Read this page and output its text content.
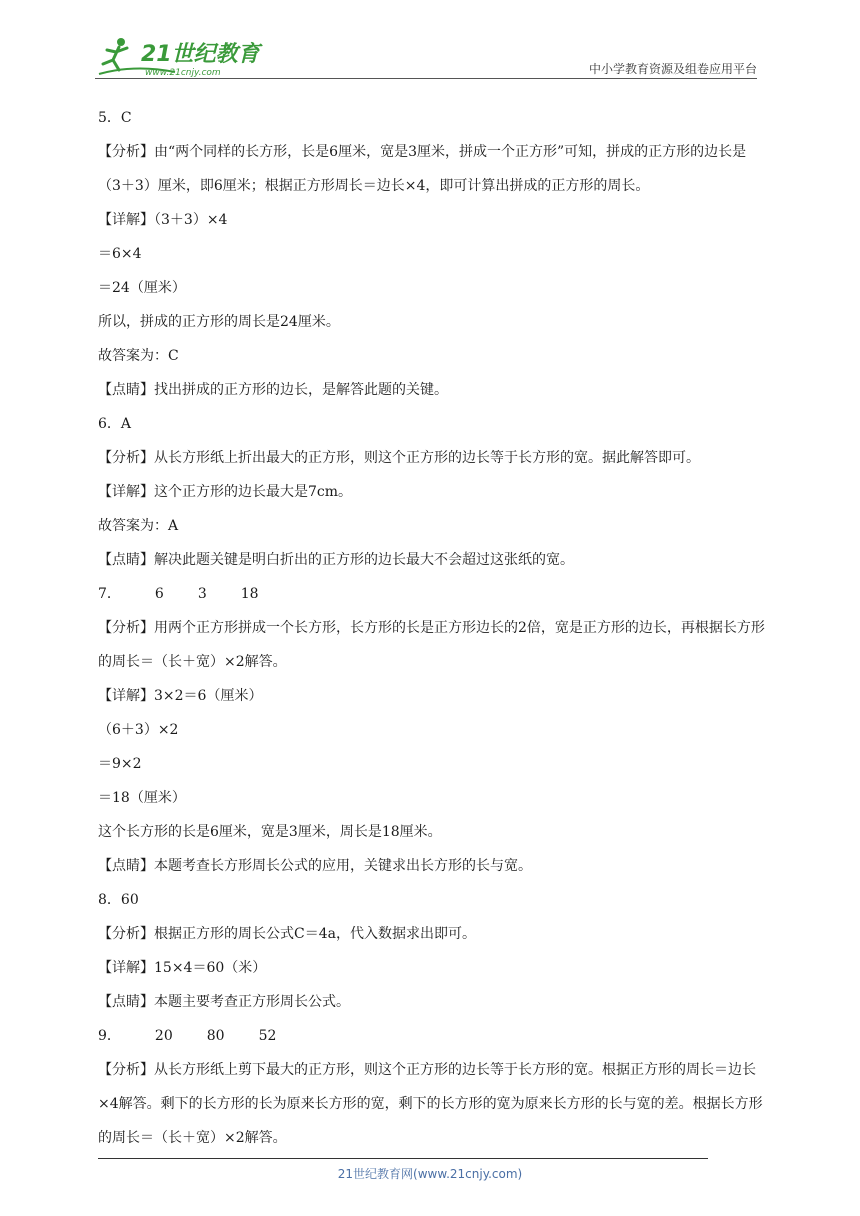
21世纪教育
www.21cnjy.com	中小学教育资源及组卷应用平台
5．C
【分析】由“两个同样的长方形，长是6厘米，宽是3厘米，拼成一个正方形”可知，拼成的正方形的边长是（3＋3）厘米，即6厘米；根据正方形周长＝边长×4，即可计算出拼成的正方形的周长。
【详解】（3＋3）×4
＝6×4
＝24（厘米）
所以，拼成的正方形的周长是24厘米。
故答案为：C
【点睛】找出拼成的正方形的边长，是解答此题的关键。
6．A
【分析】从长方形纸上折出最大的正方形，则这个正方形的边长等于长方形的宽。据此解答即可。
【详解】这个正方形的边长最大是7cm。
故答案为：A
【点睛】解决此题关键是明白折出的正方形的边长最大不会超过这张纸的宽。
7． 6 3 18
【分析】用两个正方形拼成一个长方形，长方形的长是正方形边长的2倍，宽是正方形的边长，再根据长方形的周长＝（长＋宽）×2解答。
【详解】3×2＝6（厘米）
（6＋3）×2
＝9×2
＝18（厘米）
这个长方形的长是6厘米，宽是3厘米，周长是18厘米。
【点睛】本题考查长方形周长公式的应用，关键求出长方形的长与宽。
8．60
【分析】根据正方形的周长公式C＝4a，代入数据求出即可。
【详解】15×4＝60（米）
【点睛】本题主要考查正方形周长公式。
9． 20 80 52
【分析】从长方形纸上剪下最大的正方形，则这个正方形的边长等于长方形的宽。根据正方形的周长＝边长×4解答。剩下的长方形的长为原来长方形的宽，剩下的长方形的宽为原来长方形的长与宽的差。根据长方形的周长＝（长＋宽）×2解答。
21世纪教育网(www.21cnjy.com)
